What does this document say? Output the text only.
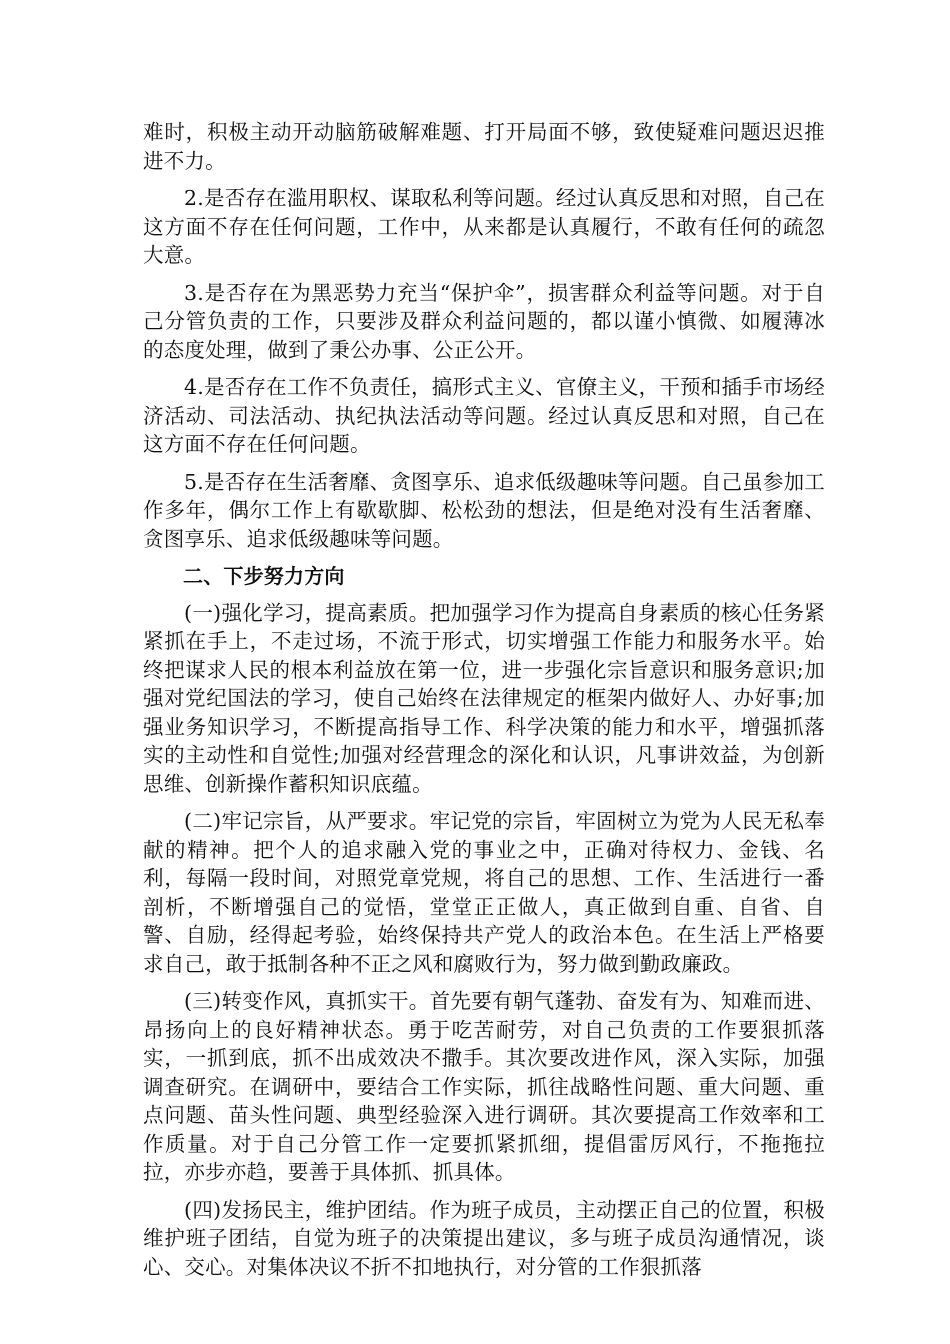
难时，积极主动开动脑筋破解难题、打开局面不够，致使疑难问题迟迟推进不力。

2.是否存在滥用职权、谋取私利等问题。经过认真反思和对照，自己在这方面不存在任何问题，工作中，从来都是认真履行，不敢有任何的疏忽大意。

3.是否存在为黑恶势力充当“保护伞”，损害群众利益等问题。对于自己分管负责的工作，只要涉及群众利益问题的，都以谨小慎微、如履薄冰的态度处理，做到了秉公办事、公正公开。

4.是否存在工作不负责任，搞形式主义、官僚主义，干预和插手市场经济活动、司法活动、执纪执法活动等问题。经过认真反思和对照，自己在这方面不存在任何问题。

5.是否存在生活奢靡、贪图享乐、追求低级趣味等问题。自己虽参加工作多年，偶尔工作上有歇歇脚、松松劲的想法，但是绝对没有生活奢靡、贪图享乐、追求低级趣味等问题。

二、下步努力方向

(一)强化学习，提高素质。把加强学习作为提高自身素质的核心任务紧紧抓在手上，不走过场，不流于形式，切实增强工作能力和服务水平。始终把谋求人民的根本利益放在第一位，进一步强化宗旨意识和服务意识;加强对党纪国法的学习，使自己始终在法律规定的框架内做好人、办好事;加强业务知识学习，不断提高指导工作、科学决策的能力和水平，增强抓落实的主动性和自觉性;加强对经营理念的深化和认识，凡事讲效益，为创新思维、创新操作蓄积知识底蕴。

(二)牢记宗旨，从严要求。牢记党的宗旨，牢固树立为党为人民无私奉献的精神。把个人的追求融入党的事业之中，正确对待权力、金钱、名利，每隔一段时间，对照党章党规，将自己的思想、工作、生活进行一番剖析，不断增强自己的觉悟，堂堂正正做人，真正做到自重、自省、自警、自励，经得起考验，始终保持共产党人的政治本色。在生活上严格要求自己，敢于抵制各种不正之风和腐败行为，努力做到勤政廉政。

(三)转变作风，真抓实干。首先要有朝气蓬勃、奋发有为、知难而进、昂扬向上的良好精神状态。勇于吃苦耐劳，对自己负责的工作要狠抓落实，一抓到底，抓不出成效决不撒手。其次要改进作风，深入实际，加强调查研究。在调研中，要结合工作实际，抓往战略性问题、重大问题、重点问题、苗头性问题、典型经验深入进行调研。其次要提高工作效率和工作质量。对于自己分管工作一定要抓紧抓细，提倡雷厉风行，不拖拖拉拉，亦步亦趋，要善于具体抓、抓具体。

(四)发扬民主，维护团结。作为班子成员，主动摆正自己的位置，积极维护班子团结，自觉为班子的决策提出建议，多与班子成员沟通情况，谈心、交心。对集体决议不折不扣地执行，对分管的工作狠抓落
